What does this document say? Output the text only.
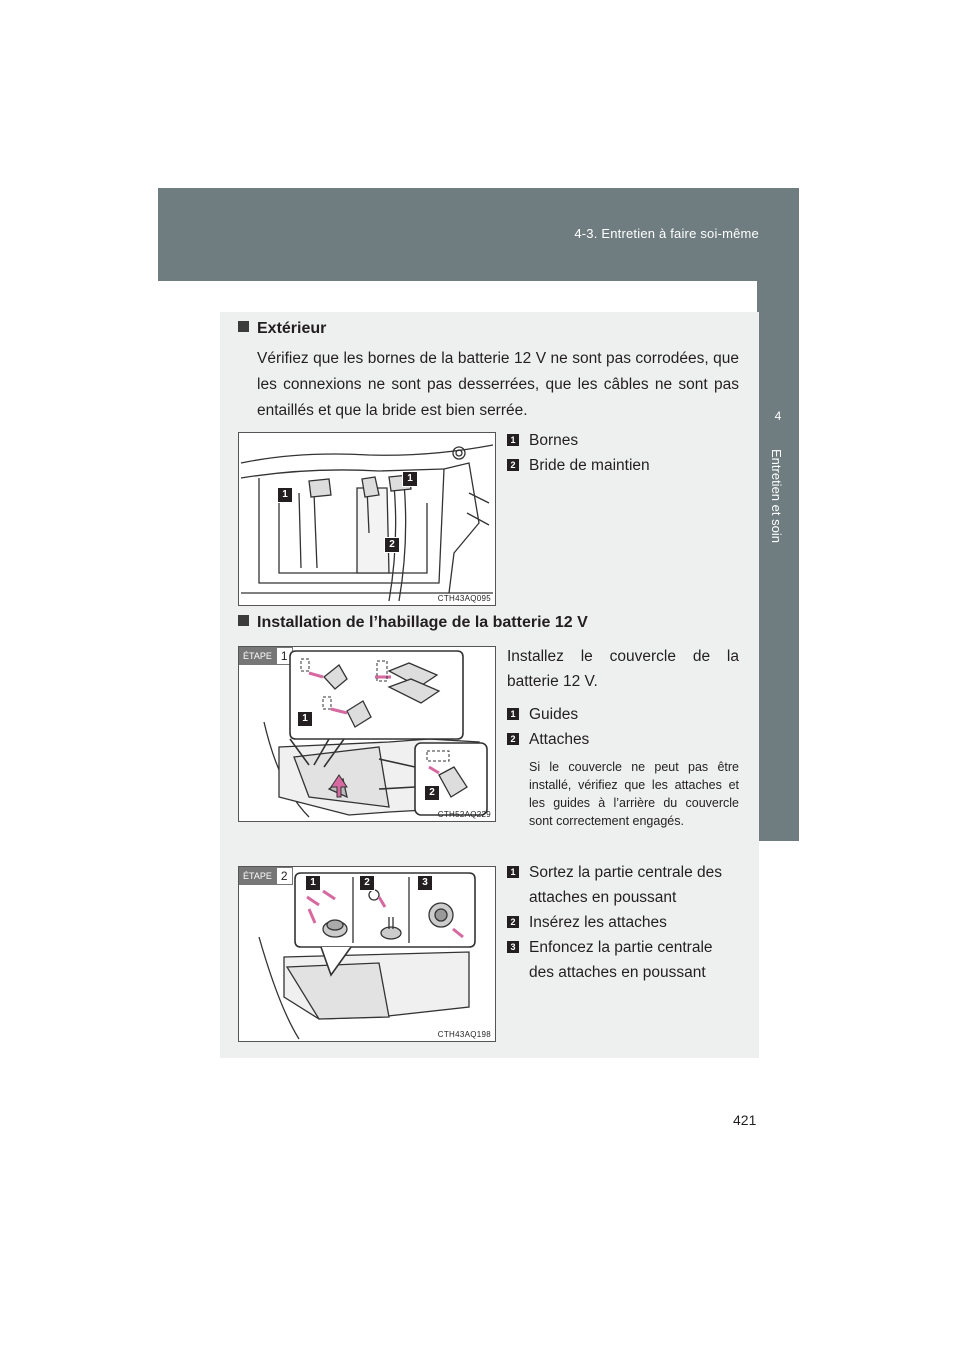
4-3. Entretien à faire soi-même
4
Entretien et soin
Extérieur
Vérifiez que les bornes de la batterie 12 V ne sont pas corrodées, que les connexions ne sont pas desserrées, que les câbles ne sont pas entaillés et que la bride est bien serrée.
1
1
2
CTH43AQ095
1 Bornes
2 Bride de maintien
Installation de l’habillage de la batterie 12 V
ÉTAPE 1
1
2
CTH52AQ229
Installez le couvercle de la batterie 12 V.
1 Guides
2 Attaches
Si le couvercle ne peut pas être installé, vérifiez que les attaches et les guides à l’arrière du couvercle sont correctement engagés.
ÉTAPE 2	1	2	3
CTH43AQ198
1 Sortez la partie centrale des attaches en poussant
2 Insérez les attaches
3 Enfoncez la partie centrale des attaches en poussant
421
